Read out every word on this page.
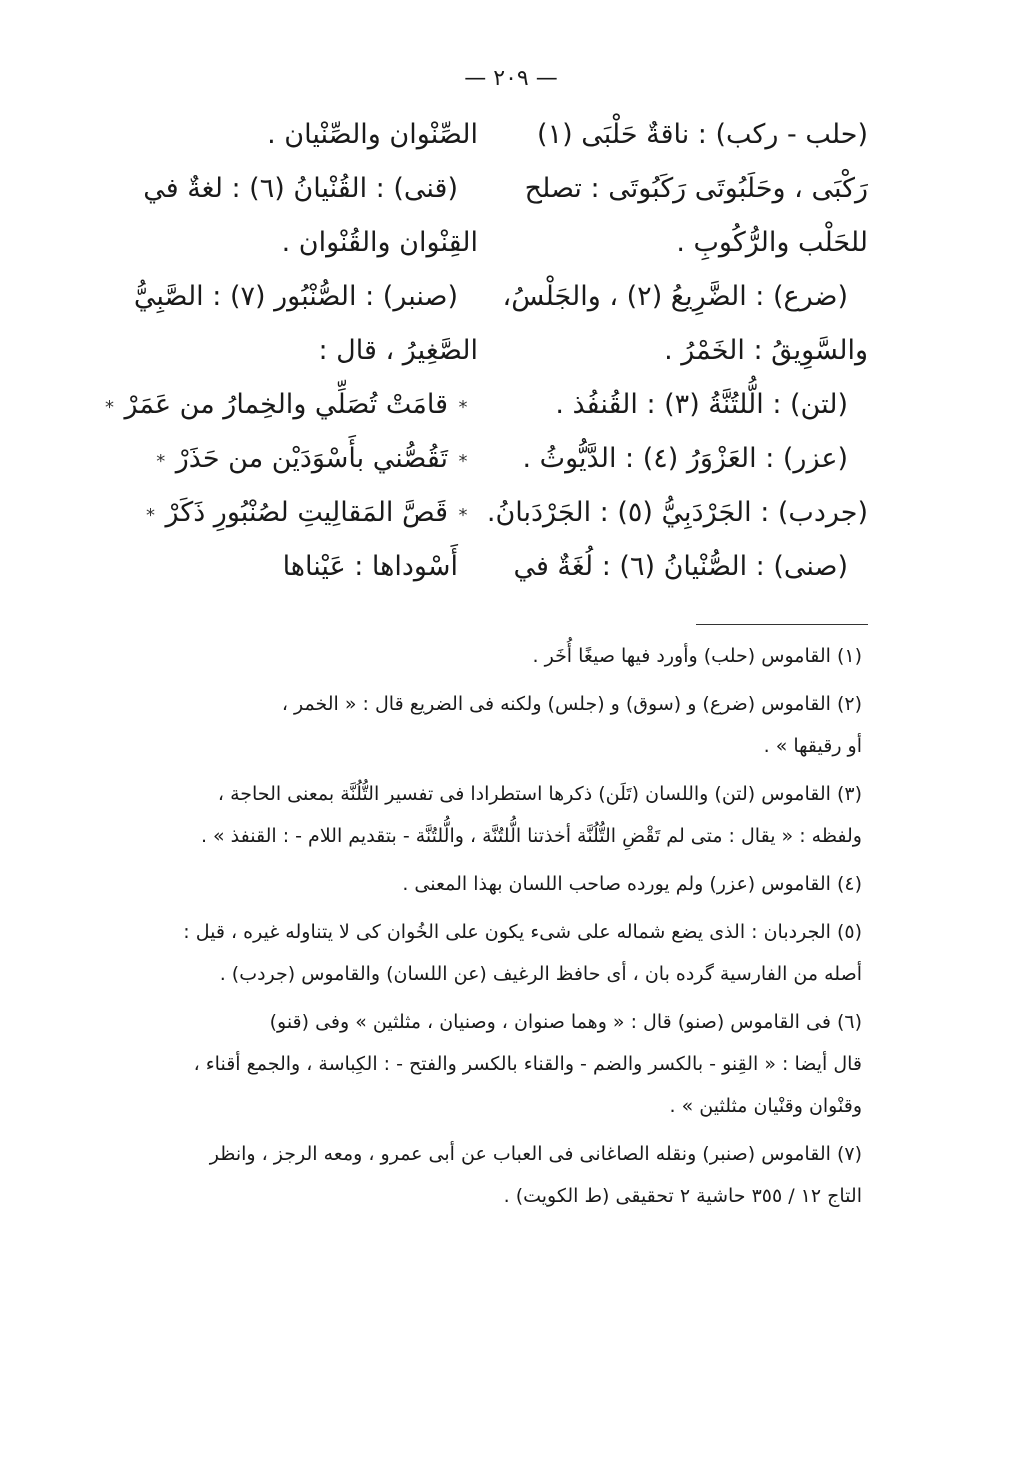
— ٢٠٩ —
(حلب - ركب) : ناقةٌ حَلْبَى (١)
رَكْبَى ، وحَلَبُوتَى رَكَبُوتَى : تصلح
للحَلْب والرُّكُوبِ .
(ضرع) : الضَّرِيعُ (٢) ، والجَلْسُ،
والسَّوِيقُ : الخَمْرُ .
(لتن) : الُّلتُنَّةُ (٣) : القُنفُذ .
(عزر) : العَزْوَرُ (٤) : الدَّيُّوثُ .
(جردب) : الجَرْدَبِيُّ (٥) : الجَرْدَبانُ.
(صنى) : الصُّنْيانُ (٦) : لُغَةٌ في
الصِّنْوان والصِّنْيان .
(قنى) : القُنْيانُ (٦) : لغةٌ في
القِنْوان والقُنْوان .
(صنبر) : الصُّنْبُور (٧) : الصَّبِيُّ
الصَّغِيرُ ، قال :
*قامَتْ تُصَلِّي والخِمارُ من عَمَرْ*
*تَقُصُّني بأَسْوَدَيْن من حَذَرْ*
*قَصَّ المَقالِيتِ لصُنْبُورِ ذَكَرْ*
أَسْوداها : عَيْناها
(١) القاموس (حلب) وأورد فيها صيغًا أُخَر .
(٢) القاموس (ضرع) و (سوق) و (جلس) ولكنه فى الضريع قال : « الخمر ،
أو رقيقها » .
(٣) القاموس (لتن) واللسان (تَلَن) ذكرها استطرادا فى تفسير التُّلُنَّة بمعنى الحاجة ،
ولفظه : « يقال : متى لم تَقْضِ التُّلُنَّة أخذتنا الُّلتُنَّة ، والُّلتُنَّة - بتقديم اللام - : القنفذ » .
(٤) القاموس (عزر) ولم يورده صاحب اللسان بهذا المعنى .
(٥) الجردبان : الذى يضع شماله على شىء يكون على الخُوان كى لا يتناوله غيره ، قيل :
أصله من الفارسية گرده بان ، أى حافظ الرغيف (عن اللسان) والقاموس (جردب) .
(٦) فى القاموس (صنو) قال : « وهما صنوان ، وصنيان ، مثلثين » وفى (قنو)
قال أيضا : « القِنو - بالكسر والضم - والقناء بالكسر والفتح - : الكِباسة ، والجمع أقناء ،
وقنْوان وقنْيان مثلثين » .
(٧) القاموس (صنبر) ونقله الصاغانى فى العباب عن أبى عمرو ، ومعه الرجز ، وانظر
التاج ١٢ / ٣٥٥ حاشية ٢ تحقيقى (ط الكويت) .
